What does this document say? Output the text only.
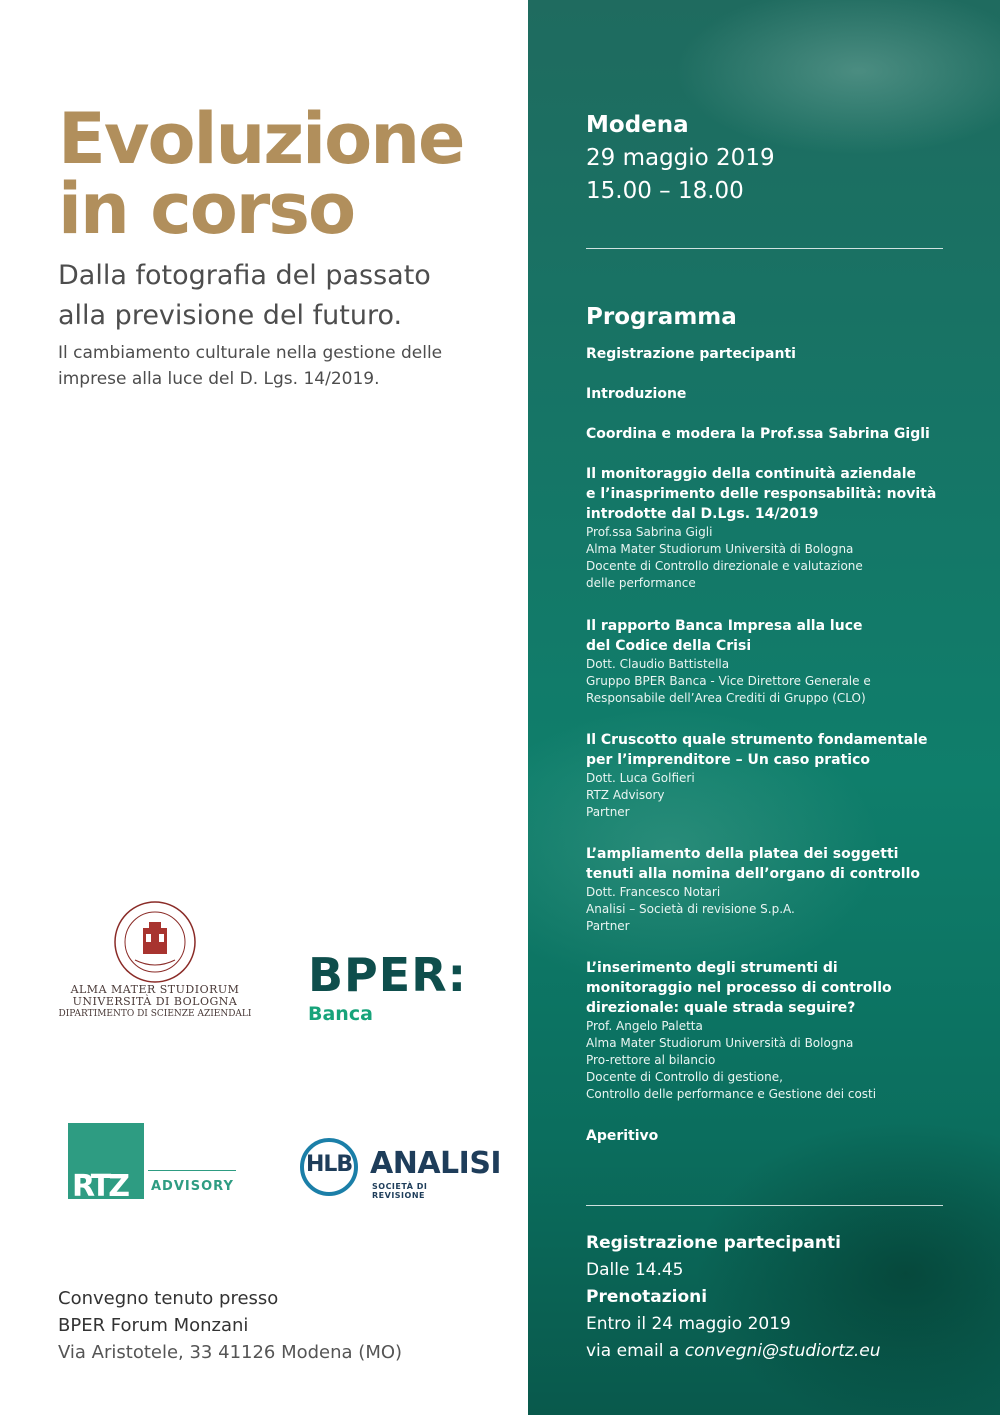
Evoluzione
in corso
Dalla fotografia del passato
alla previsione del futuro.
Il cambiamento culturale nella gestione delle
imprese alla luce del D. Lgs. 14/2019.
ALMA MATER STUDIORUM
UNIVERSITÀ DI BOLOGNA
DIPARTIMENTO DI SCIENZE AZIENDALI
BPER:
Banca
RTZ ADVISORY
HLB ANALISI
SOCIETÀ DI REVISIONE
Convegno tenuto presso
BPER Forum Monzani
Via Aristotele, 33 41126 Modena (MO)
Modena
29 maggio 2019
15.00 – 18.00
Programma
Registrazione partecipanti
Introduzione
Coordina e modera la Prof.ssa Sabrina Gigli
Il monitoraggio della continuità aziendale
e l’inasprimento delle responsabilità: novità
introdotte dal D.Lgs. 14/2019
Prof.ssa Sabrina Gigli
Alma Mater Studiorum Università di Bologna
Docente di Controllo direzionale e valutazione
delle performance
Il rapporto Banca Impresa alla luce
del Codice della Crisi
Dott. Claudio Battistella
Gruppo BPER Banca - Vice Direttore Generale e
Responsabile dell’Area Crediti di Gruppo (CLO)
Il Cruscotto quale strumento fondamentale
per l’imprenditore – Un caso pratico
Dott. Luca Golfieri
RTZ Advisory
Partner
L’ampliamento della platea dei soggetti
tenuti alla nomina dell’organo di controllo
Dott. Francesco Notari
Analisi – Società di revisione S.p.A.
Partner
L’inserimento degli strumenti di
monitoraggio nel processo di controllo
direzionale: quale strada seguire?
Prof. Angelo Paletta
Alma Mater Studiorum Università di Bologna
Pro-rettore al bilancio
Docente di Controllo di gestione,
Controllo delle performance e Gestione dei costi
Aperitivo
Registrazione partecipanti
Dalle 14.45
Prenotazioni
Entro il 24 maggio 2019
via email a convegni@studiortz.eu
